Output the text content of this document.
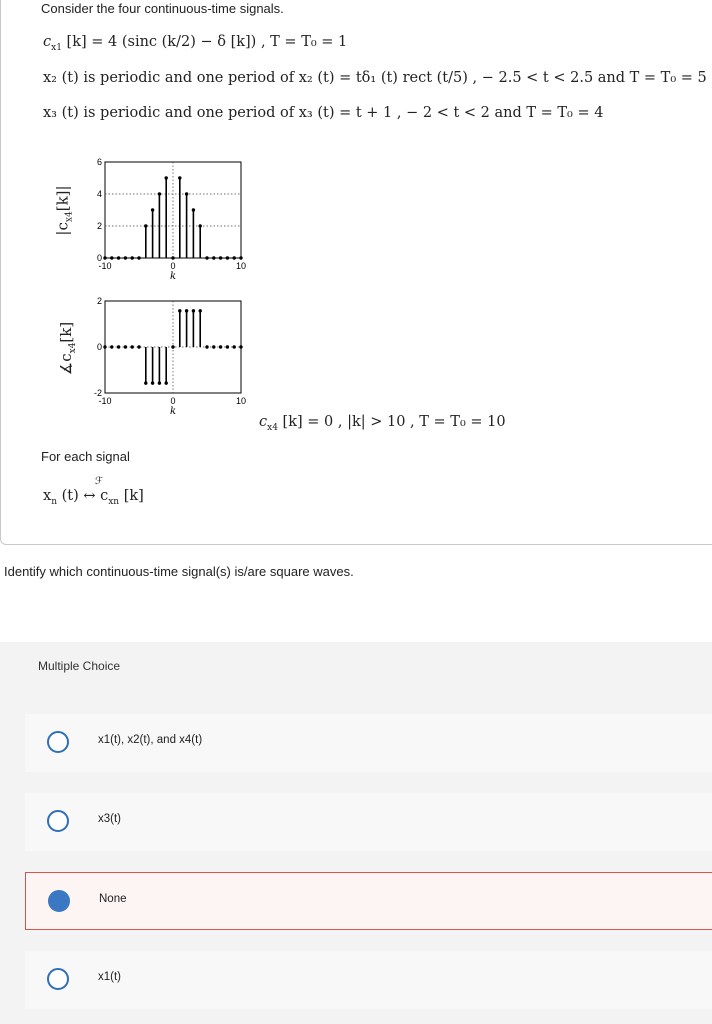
Consider the four continuous-time signals.
$c_{x1}$ [k] = 4 (sinc (k/2) − δ [k]) , T = T₀ = 1
x₂ (t) is periodic and one period of x₂ (t) = tδ₁ (t) rect (t/5) , − 2.5 < t < 2.5 and T = T₀ = 5
x₃ (t) is periodic and one period of x₃ (t) = t + 1 , − 2 < t < 2 and T = T₀ = 4
$|c_{x4}[k]|$
0
2
4
6
-10	0	10
k
$∡c_{x4}[k]$
-2
0
2
-10	0	10
k
$c_{x4}$ [k] = 0 , |k| > 10 , T = T₀ = 10
For each signal
$x_n$ (t) ↔ $c_{xn}$ [k]
ℱ
Identify which continuous-time signal(s) is/are square waves.
Multiple Choice
x1(t), x2(t), and x4(t)
x3(t)
None
x1(t)
